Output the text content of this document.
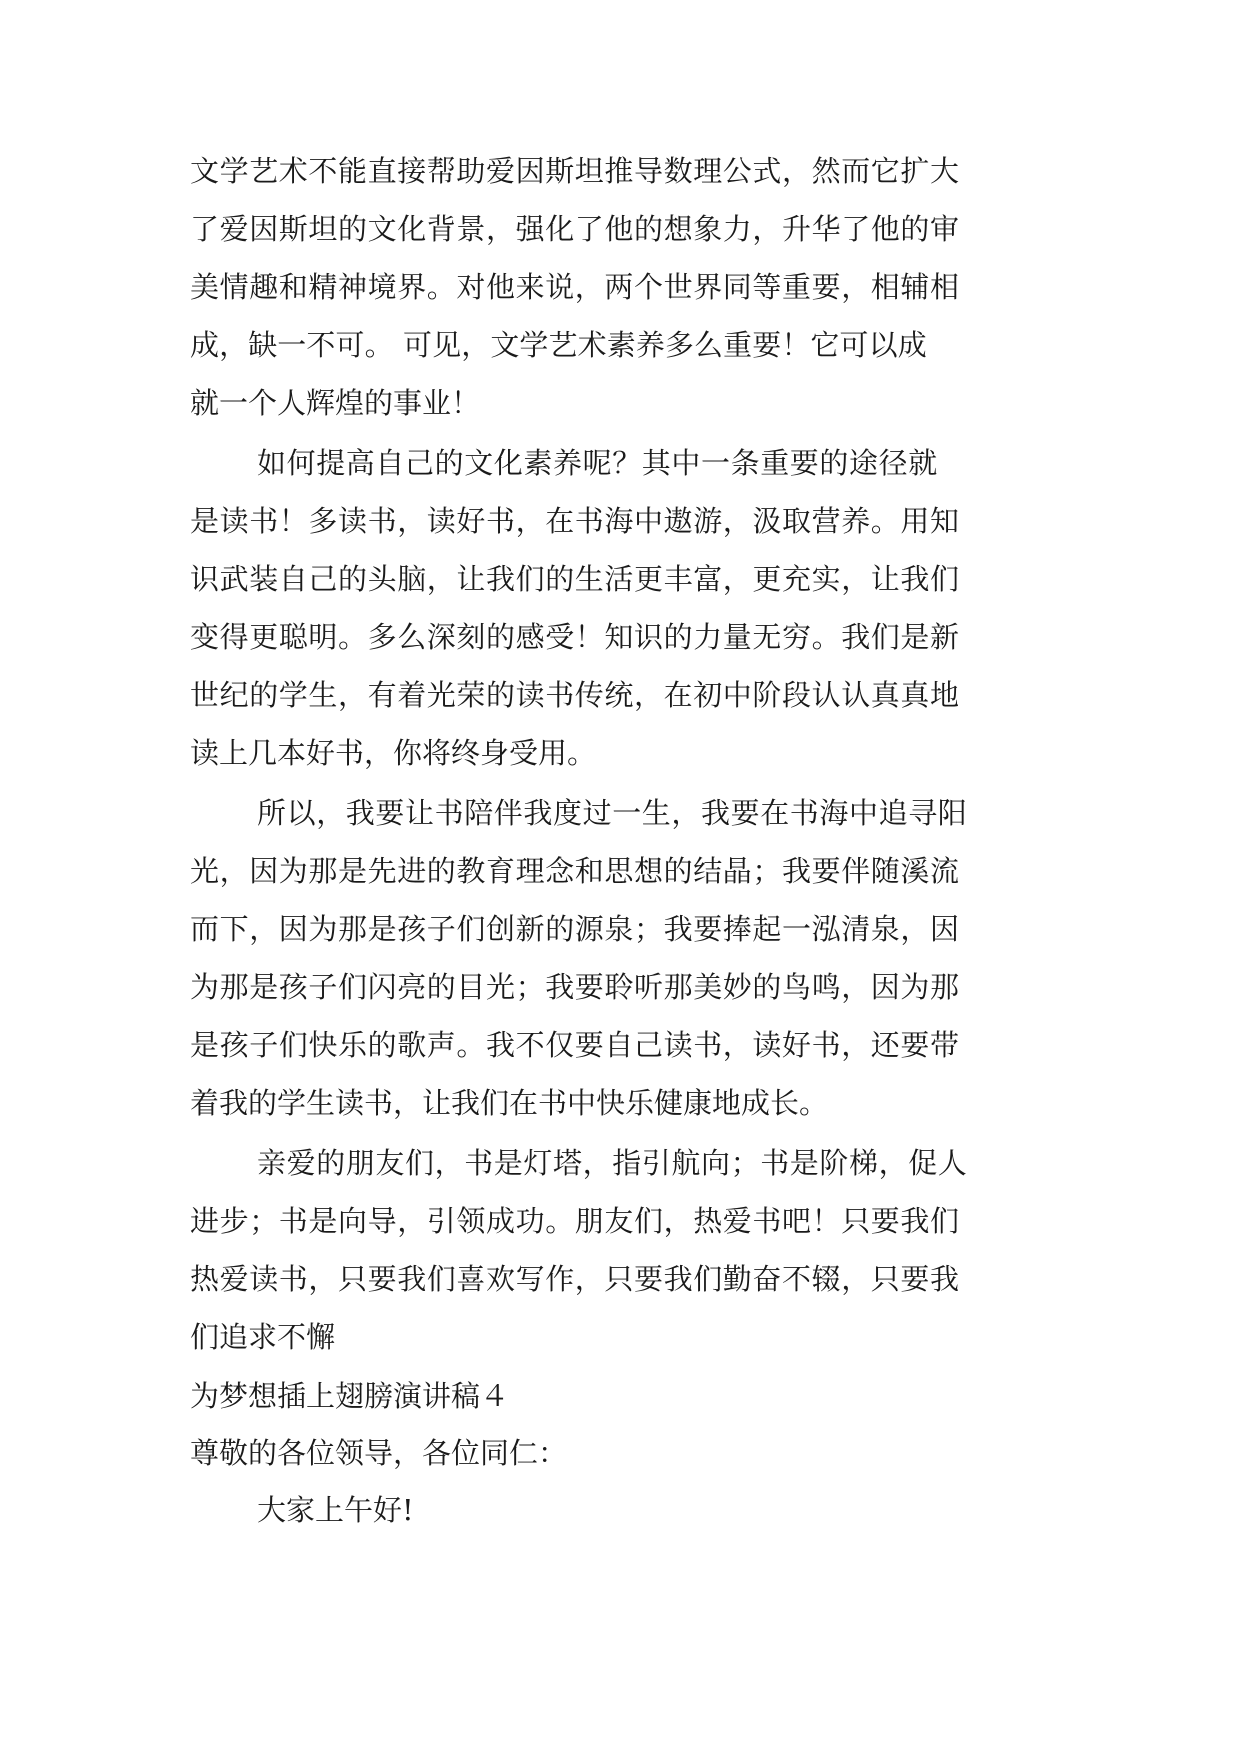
文学艺术不能直接帮助爱因斯坦推导数理公式，然而它扩大
了爱因斯坦的文化背景，强化了他的想象力，升华了他的审
美情趣和精神境界。对他来说，两个世界同等重要，相辅相
成，缺一不可。 可见，文学艺术素养多么重要！它可以成
就一个人辉煌的事业！
如何提高自己的文化素养呢？其中一条重要的途径就
是读书！多读书，读好书，在书海中遨游，汲取营养。用知
识武装自己的头脑，让我们的生活更丰富，更充实，让我们
变得更聪明。多么深刻的感受！知识的力量无穷。我们是新
世纪的学生，有着光荣的读书传统，在初中阶段认认真真地
读上几本好书，你将终身受用。
所以，我要让书陪伴我度过一生，我要在书海中追寻阳
光，因为那是先进的教育理念和思想的结晶；我要伴随溪流
而下，因为那是孩子们创新的源泉；我要捧起一泓清泉，因
为那是孩子们闪亮的目光；我要聆听那美妙的鸟鸣，因为那
是孩子们快乐的歌声。我不仅要自己读书，读好书，还要带
着我的学生读书，让我们在书中快乐健康地成长。
亲爱的朋友们，书是灯塔，指引航向；书是阶梯，促人
进步；书是向导，引领成功。朋友们，热爱书吧！只要我们
热爱读书，只要我们喜欢写作，只要我们勤奋不辍，只要我
们追求不懈
为梦想插上翅膀演讲稿４
尊敬的各位领导，各位同仁：
大家上午好!
